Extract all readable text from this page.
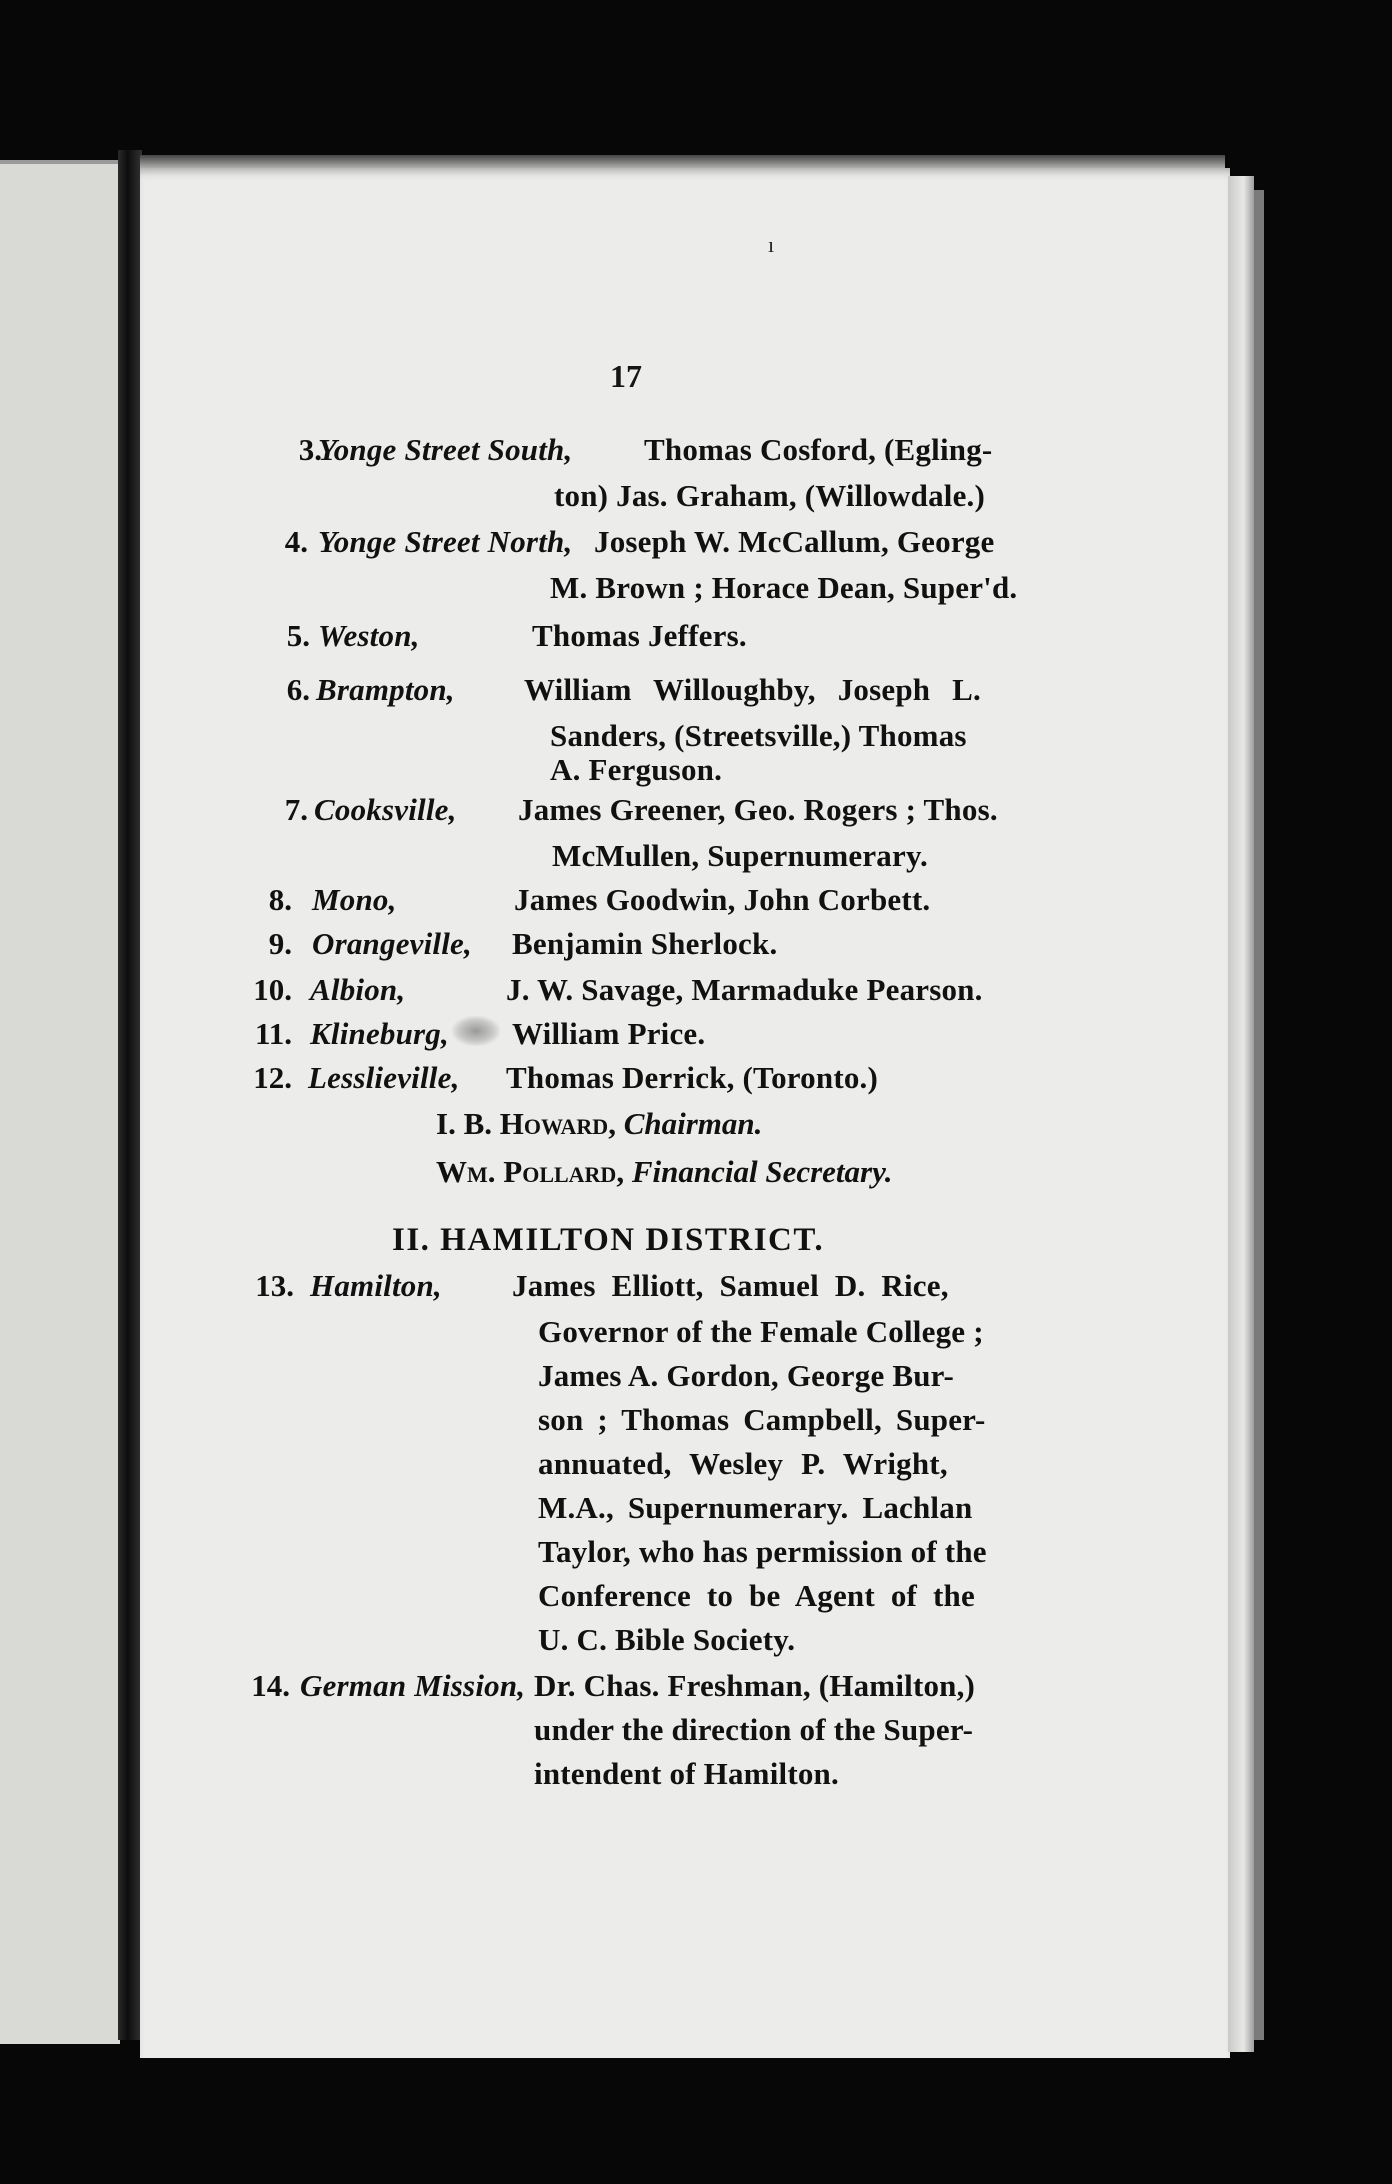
ı
17
3.
Yonge Street South, Thomas Cosford, (Egling-
ton) Jas. Graham, (Willowdale.)
4. Yonge Street North, Joseph W. McCallum, George
M. Brown ; Horace Dean, Super'd.
5. Weston,	Thomas Jeffers.
6. Brampton, William Willoughby, Joseph L.
Sanders, (Streetsville,) Thomas
A. Ferguson.
7. Cooksville, James Greener, Geo. Rogers ; Thos.
McMullen, Supernumerary.
8. Mono,	James Goodwin, John Corbett.
9. Orangeville, Benjamin Sherlock.
10. Albion,	J. W. Savage, Marmaduke Pearson.
11. Klineburg, William Price.
12. Lesslieville, Thomas Derrick, (Toronto.)
I. B. Howard, Chairman.
Wm. Pollard, Financial Secretary.
II. HAMILTON DISTRICT.
13. Hamilton, James Elliott, Samuel D. Rice,
Governor of the Female College ;
James A. Gordon, George Bur-
son ; Thomas Campbell, Super-
annuated, Wesley P. Wright,
M.A., Supernumerary. Lachlan
Taylor, who has permission of the
Conference to be Agent of the
U. C. Bible Society.
14. German Mission, Dr. Chas. Freshman, (Hamilton,)
under the direction of the Super-
intendent of Hamilton.
